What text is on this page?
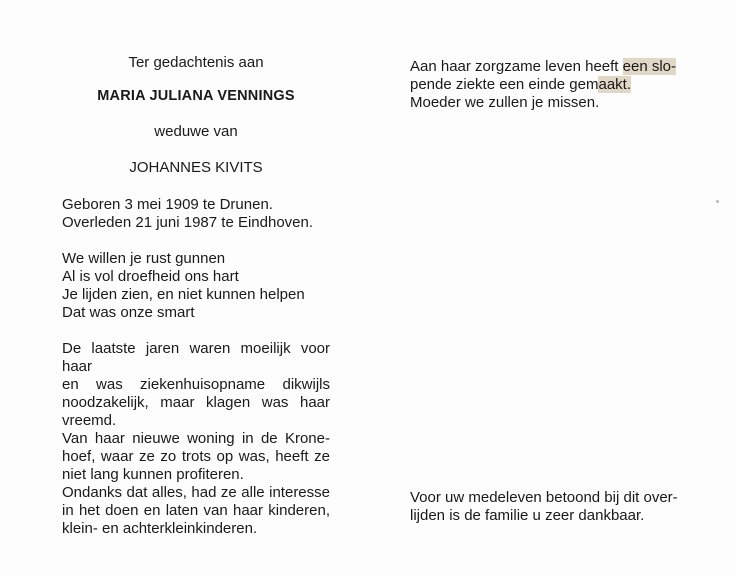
Ter gedachtenis aan
MARIA JULIANA VENNINGS
weduwe van
JOHANNES KIVITS
Geboren 3 mei 1909 te Drunen.
Overleden 21 juni 1987 te Eindhoven.
We willen je rust gunnen
Al is vol droefheid ons hart
Je lijden zien, en niet kunnen helpen
Dat was onze smart
De laatste jaren waren moeilijk voor haar
en was ziekenhuisopname dikwijls
noodzakelijk, maar klagen was haar
vreemd.
Van haar nieuwe woning in de Krone-
hoef, waar ze zo trots op was, heeft ze
niet lang kunnen profiteren.
Ondanks dat alles, had ze alle interesse
in het doen en laten van haar kinderen,
klein- en achterkleinkinderen.
Aan haar zorgzame leven heeft een slo-
pende ziekte een einde gemaakt.
Moeder we zullen je missen.
Voor uw medeleven betoond bij dit over-
lijden is de familie u zeer dankbaar.
